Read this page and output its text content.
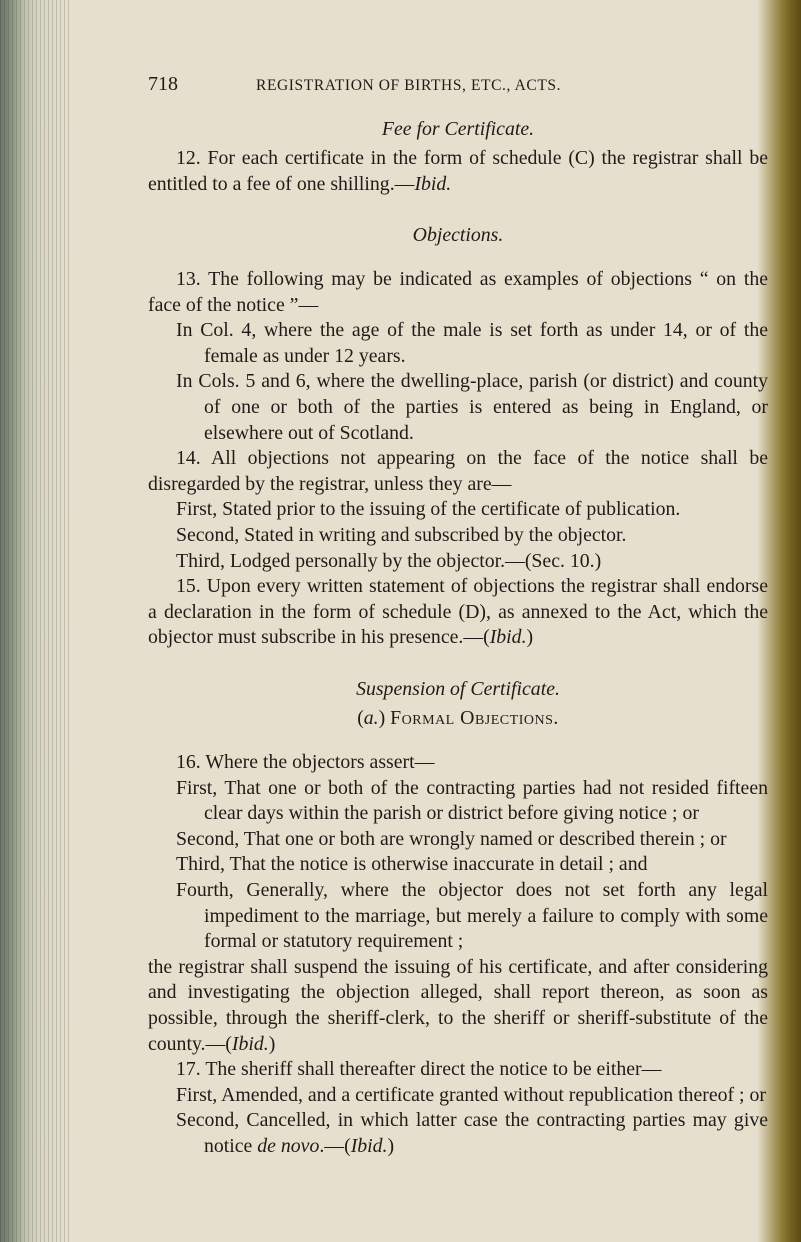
718	REGISTRATION OF BIRTHS, ETC., ACTS.
Fee for Certificate.

12. For each certificate in the form of schedule (C) the registrar shall be entitled to a fee of one shilling.—Ibid.

Objections.

13. The following may be indicated as examples of objections “ on the face of the notice ”—

In Col. 4, where the age of the male is set forth as under 14, or of the female as under 12 years.

In Cols. 5 and 6, where the dwelling-place, parish (or district) and county of one or both of the parties is entered as being in England, or elsewhere out of Scotland.

14. All objections not appearing on the face of the notice shall be disregarded by the registrar, unless they are—

First, Stated prior to the issuing of the certificate of publication.

Second, Stated in writing and subscribed by the objector.

Third, Lodged personally by the objector.—(Sec. 10.)

15. Upon every written statement of objections the registrar shall endorse a declaration in the form of schedule (D), as annexed to the Act, which the objector must subscribe in his presence.—(Ibid.)

Suspension of Certificate.
(a.) Formal Objections.

16. Where the objectors assert—

First, That one or both of the contracting parties had not resided fifteen clear days within the parish or district before giving notice ; or

Second, That one or both are wrongly named or described therein ; or

Third, That the notice is otherwise inaccurate in detail ; and

Fourth, Generally, where the objector does not set forth any legal impediment to the marriage, but merely a failure to comply with some formal or statutory requirement ;

the registrar shall suspend the issuing of his certificate, and after considering and investigating the objection alleged, shall report thereon, as soon as possible, through the sheriff-clerk, to the sheriff or sheriff-substitute of the county.—(Ibid.)

17. The sheriff shall thereafter direct the notice to be either—

First, Amended, and a certificate granted without republication thereof ; or

Second, Cancelled, in which latter case the contracting parties may give notice de novo.—(Ibid.)
